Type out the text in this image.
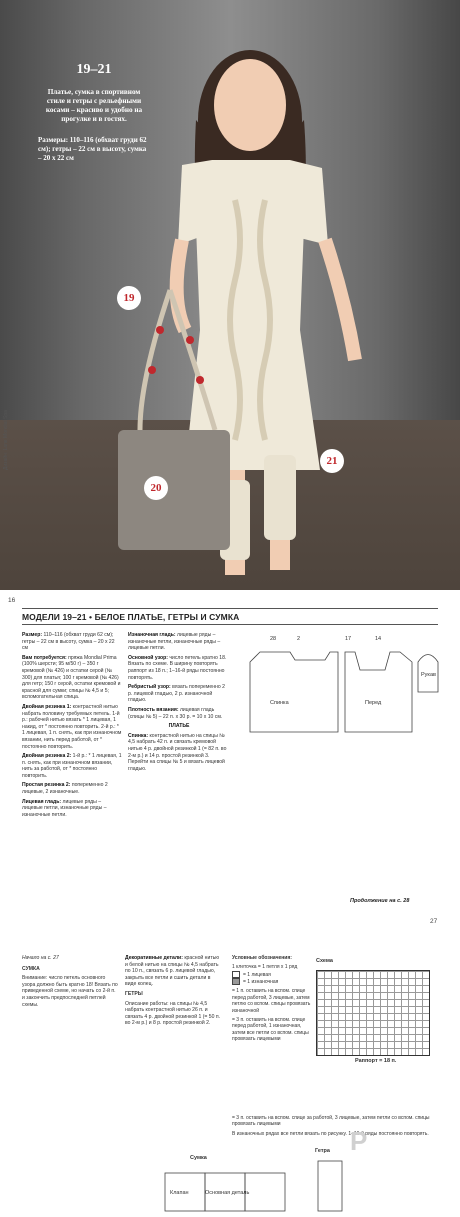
19–21
Платье, сумка в спортивном стиле и гетры с рельефными косами – красиво и удобно на прогулке и в гостях.
Размеры: 110–116 (обхват груди 62 см); гетры – 22 см в высоту, сумка – 20 х 22 см
19
20
21
Дизайн: Lane Mondial Spa
16
МОДЕЛИ 19–21 • БЕЛОЕ ПЛАТЬЕ, ГЕТРЫ И СУМКА

Размер: 110–116 (обхват груди 62 см); гетры – 22 см в высоту, сумка – 20 х 22 см

Вам потребуется: пряжа Mondial Prima (100% шерсти; 95 м/50 г) – 350 г кремовой (№ 426) и остатки серой (№ 300) для платья; 100 г кремовой (№ 426) для гетр; 150 г серой, остатки кремовой и красной для сумки; спицы № 4,5 и 5; вспомогательная спица.

Двойная резинка 1: контрастной нитью набрать половину требуемых петель. 1-й р.: рабочей нитью вязать * 1 лицевая, 1 накид, от * постоянно повторить. 2-й р.: * 1 лицевая, 1 п. снять, как при изнаночном вязании, нить перед работой, от * постоянно повторить.

Двойная резинка 2: 1-й р.: * 1 лицевая, 1 п. снять, как при изнаночном вязании, нить за работой, от * постоянно повторить.

Простая резинка 2: попеременно 2 лицевые, 2 изнаночные.

Лицевая гладь: лицевые ряды – лицевые петли, изнаночные ряды – изнаночные петли.

Изнаночная гладь: лицевые ряды – изнаночные петли, изнаночные ряды – лицевые петли.

Основной узор: число петель кратно 18. Вязать по схеме. В ширину повторять раппорт из 18 п.; 1–16-й ряды постоянно повторять.

Ребристый узор: вязать попеременно 2 р. лицевой гладью, 2 р. изнаночной гладью.

Плотность вязания: лицевая гладь (спицы № 5) – 22 п. х 30 р. = 10 х 10 см.

ПЛАТЬЕ

Спинка: контрастной нитью на спицы № 4,5 набрать 42 п. и связать кремовой нитью 4 р. двойной резинкой 1 (= 82 п. во 2-м р.) и 14 р. простой резинкой 3. Перейти на спицы № 5 и вязать лицевой гладью.

28	2	17	14
Спинка	Перед
Рукав
Продолжение на с. 28
27

Начало на с. 27

СУМКА

Внимание: число петель основного узора должно быть кратно 18! Вязать по приведенной схеме, но начать со 2-й п. и закончить предпоследней петлей схемы.

Декоративные детали: красной нитью и белой нитью на спицы № 4,5 набрать по 10 п., связать 6 р. лицевой гладью, закрыть все петли и сшить детали в виде колец.

ГЕТРЫ

Описание работы: на спицы № 4,5 набрать контрастной нитью 26 п. и связать 4 р. двойной резинкой 1 (= 50 п. во 2-м р.) и 8 р. простой резинкой 2.

Условные обозначения:
1 клеточка = 1 петля х 1 ряд
= 1 лицевая
= 1 изнаночная
= 1 п. оставить на вспом. спице перед работой, 3 лицевые, затем петлю со вспом. спицы провязать изнаночной
= 3 п. оставить на вспом. спице перед работой, 1 изнаночная, затем все петли со вспом. спицы провязать лицевыми
= 3 п. оставить на вспом. спице за работой, 3 лицевые, затем петли со вспом. спицы провязать лицевыми
В изнаночных рядах все петли вязать по рисунку. 1–16-й ряды постоянно повторять.
Схема
Раппорт = 18 п.
Сумка
Клапан	Основная деталь
Гетра P
